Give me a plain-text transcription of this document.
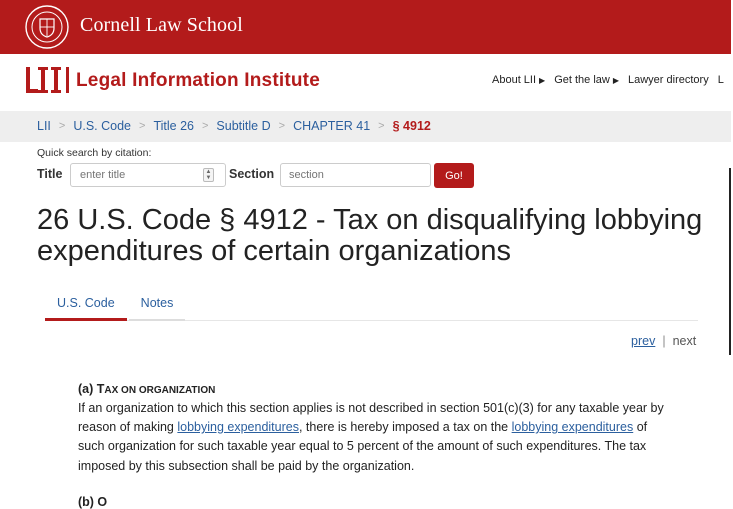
Cornell Law School
Legal Information Institute	About LII ▶ Get the law ▶ Lawyer directory L
LII > U.S. Code > Title 26 > Subtitle D > CHAPTER 41 > § 4912
Quick search by citation:
Title
enter title	▲
▼ Section
section	Go!
26 U.S. Code § 4912 - Tax on disqualifying lobbying expenditures of certain organizations
U.S. Code	Notes
prev | next
(a) TAX ON ORGANIZATION

If an organization to which this section applies is not described in section 501(c)(3) for any taxable year by reason of making lobbying expenditures, there is hereby imposed a tax on the lobbying expenditures of such organization for such taxable year equal to 5 percent of the amount of such expenditures. The tax imposed by this subsection shall be paid by the organization.

(b) O
